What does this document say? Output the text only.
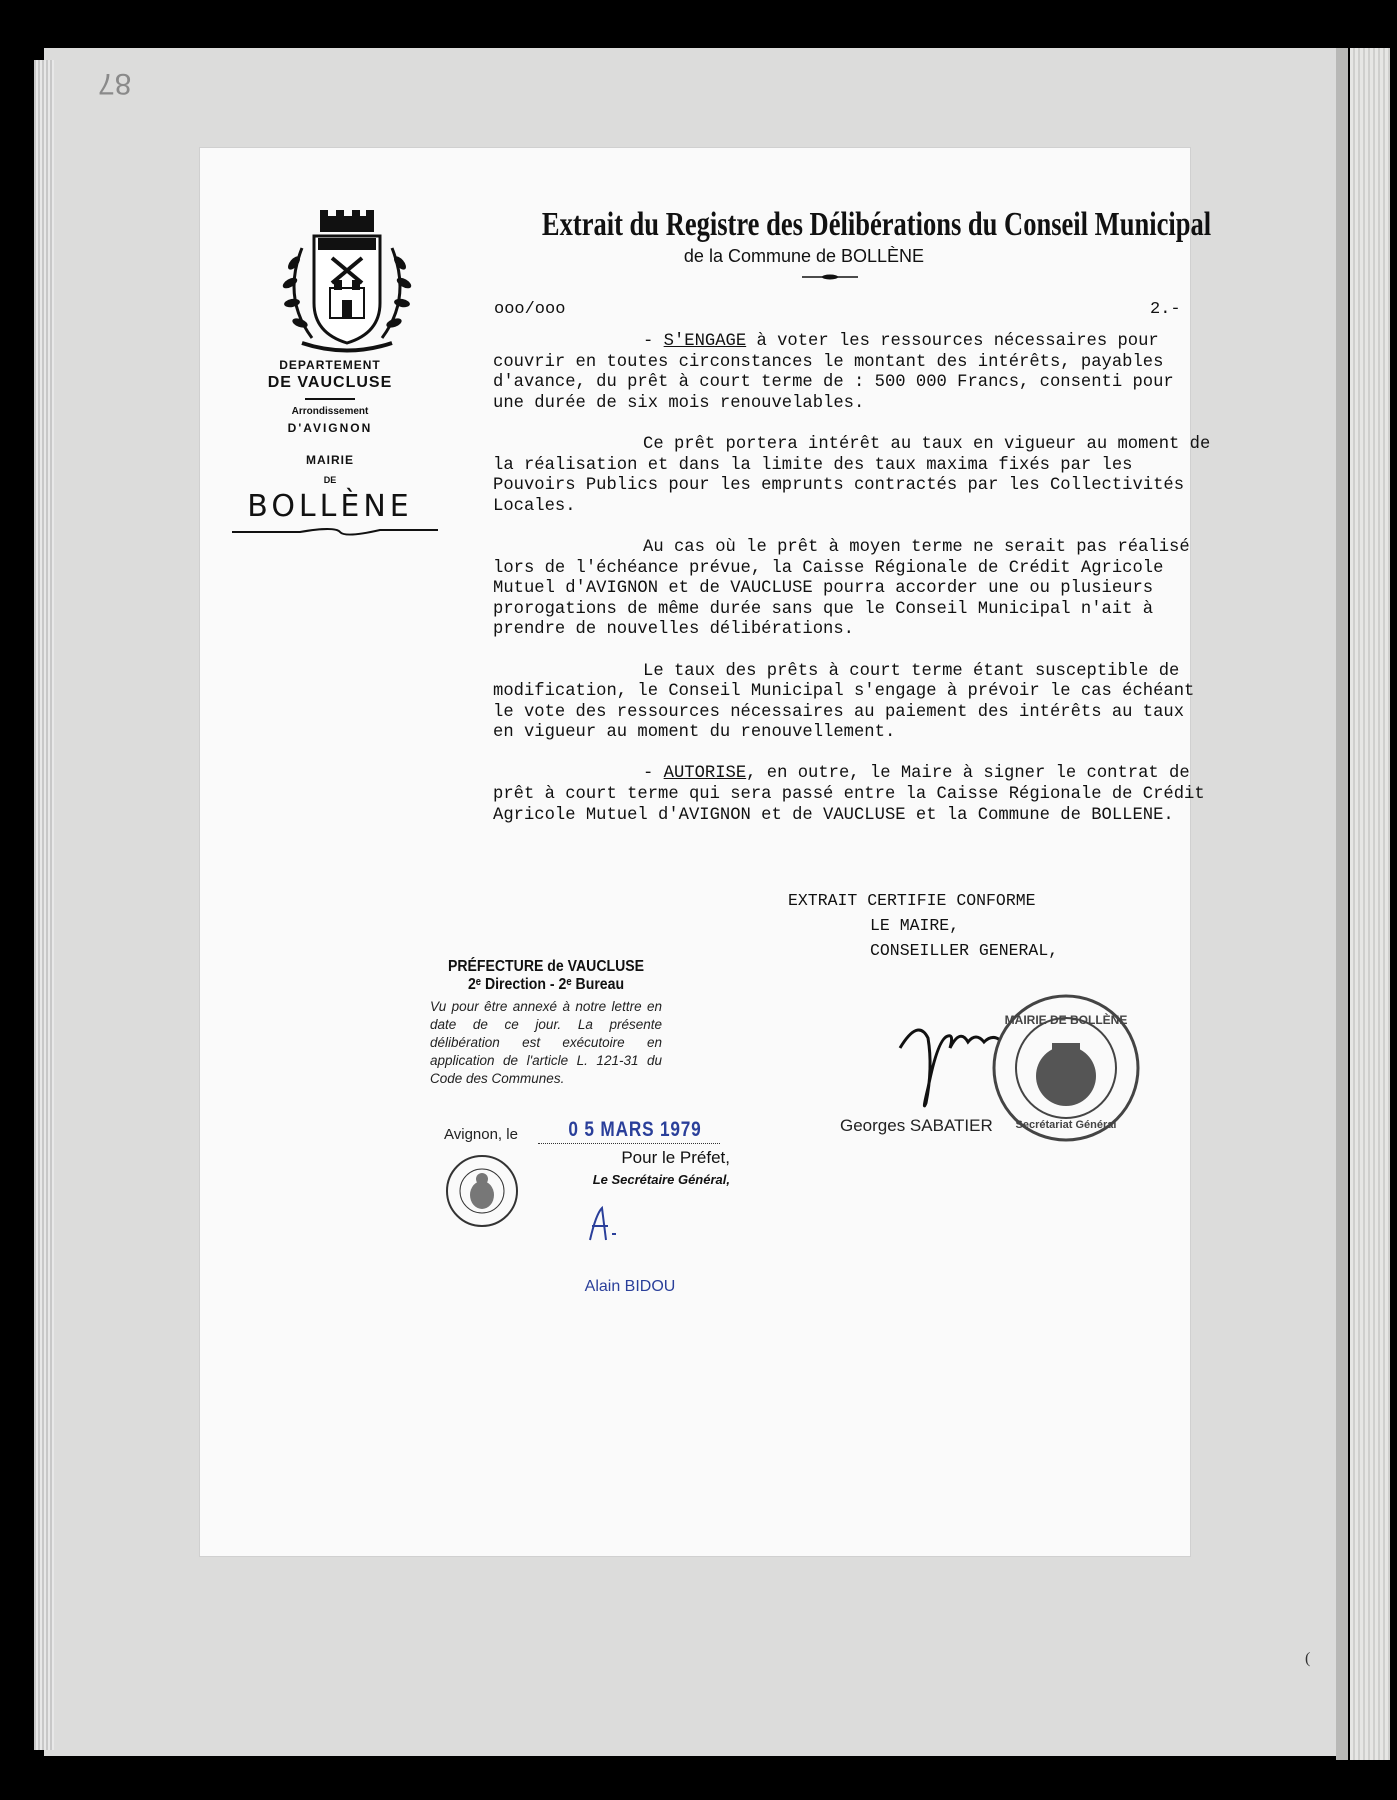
87
(
DEPARTEMENT
DE VAUCLUSE
Arrondissement
D'AVIGNON
MAIRIE
DE
BOLLÈNE
Extrait du Registre des Délibérations du Conseil Municipal
de la Commune de BOLLÈNE
ooo/ooo	2.-

- S'ENGAGE à voter les ressources nécessaires pour couvrir en toutes circonstances le montant des intérêts, payables d'avance, du prêt à court terme de : 500 000 Francs, consenti pour une durée de six mois renouvelables.

Ce prêt portera intérêt au taux en vigueur au moment de la réalisation et dans la limite des taux maxima fixés par les Pouvoirs Publics pour les emprunts contractés par les Collectivités Locales.

Au cas où le prêt à moyen terme ne serait pas réalisé lors de l'échéance prévue, la Caisse Régionale de Crédit Agricole Mutuel d'AVIGNON et de VAUCLUSE pourra accorder une ou plusieurs prorogations de même durée sans que le Conseil Municipal n'ait à prendre de nouvelles délibérations.

Le taux des prêts à court terme étant susceptible de modification, le Conseil Municipal s'engage à prévoir le cas échéant le vote des ressources nécessaires au paiement des intérêts au taux en vigueur au moment du renouvellement.

- AUTORISE, en outre, le Maire à signer le contrat de prêt à court terme qui sera passé entre la Caisse Régionale de Crédit Agricole Mutuel d'AVIGNON et de VAUCLUSE et la Commune de BOLLENE.

EXTRAIT CERTIFIE CONFORME
LE MAIRE,
CONSEILLER GENERAL,
MAIRIE DE BOLLÈNE
Secrétariat Général
Georges SABATIER
PRÉFECTURE de VAUCLUSE
2ᵉ Direction - 2ᵉ Bureau
Vu pour être annexé à notre lettre en date de ce jour. La présente délibération est exécutoire en application de l'article L. 121-31 du Code des Communes.
Avignon, le 0 5 MARS 1979
Pour le Préfet,
Le Secrétaire Général,
Alain BIDOU
